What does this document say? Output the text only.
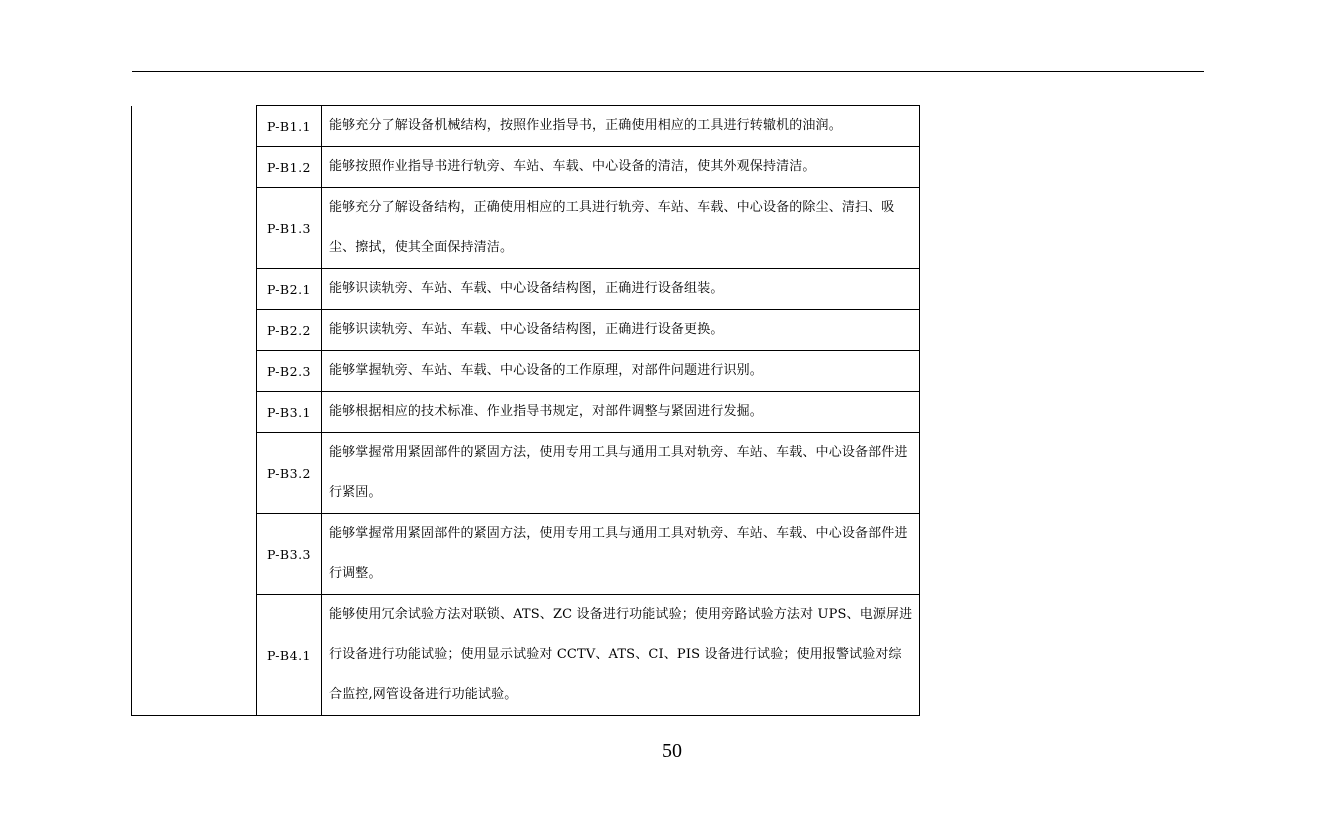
	P-B1.1	能够充分了解设备机械结构，按照作业指导书，正确使用相应的工具进行转辙机的油润。
	P-B1.2	能够按照作业指导书进行轨旁、车站、车载、中心设备的清洁，使其外观保持清洁。
	P-B1.3	能够充分了解设备结构，正确使用相应的工具进行轨旁、车站、车载、中心设备的除尘、清扫、吸尘、擦拭，使其全面保持清洁。
	P-B2.1	能够识读轨旁、车站、车载、中心设备结构图，正确进行设备组装。
	P-B2.2	能够识读轨旁、车站、车载、中心设备结构图，正确进行设备更换。
	P-B2.3	能够掌握轨旁、车站、车载、中心设备的工作原理，对部件问题进行识别。
	P-B3.1	能够根据相应的技术标准、作业指导书规定，对部件调整与紧固进行发掘。
	P-B3.2	能够掌握常用紧固部件的紧固方法，使用专用工具与通用工具对轨旁、车站、车载、中心设备部件进行紧固。
	P-B3.3	能够掌握常用紧固部件的紧固方法，使用专用工具与通用工具对轨旁、车站、车载、中心设备部件进行调整。
	P-B4.1	能够使用冗余试验方法对联锁、ATS、ZC 设备进行功能试验；使用旁路试验方法对 UPS、电源屏进行设备进行功能试验；使用显示试验对 CCTV、ATS、CI、PIS 设备进行试验；使用报警试验对综合监控,网管设备进行功能试验。
50
